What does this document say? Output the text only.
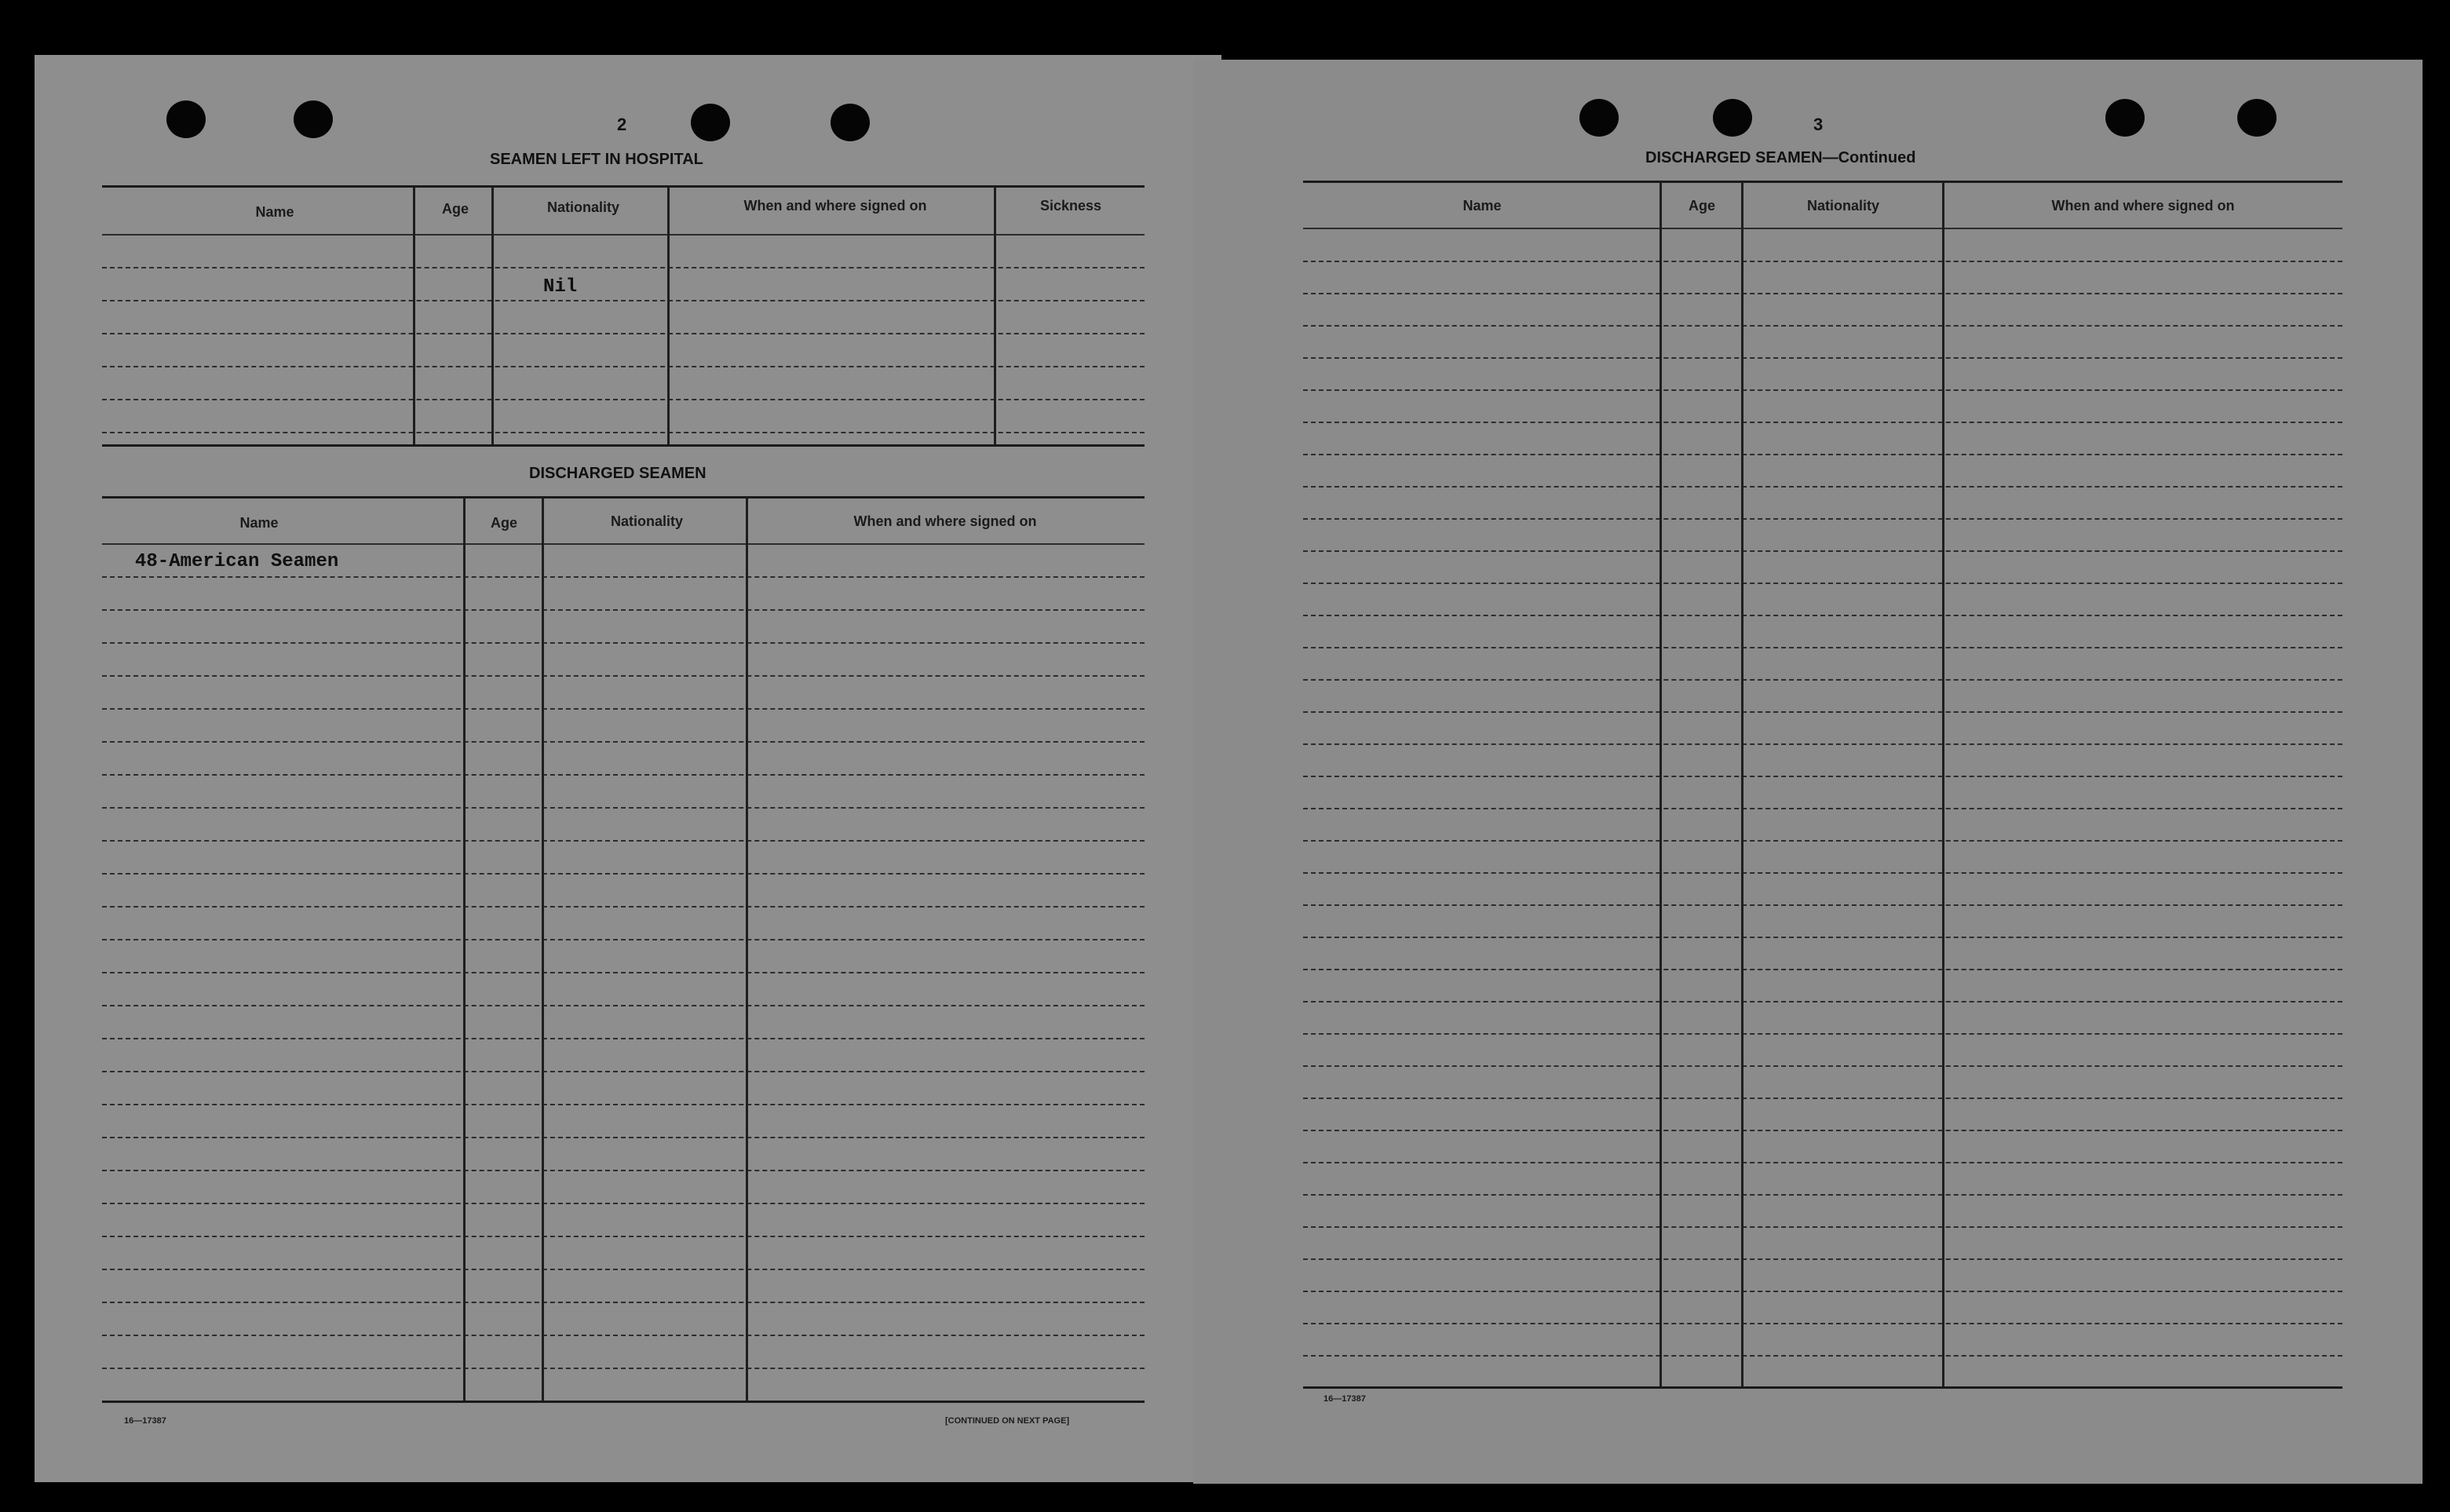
2
SEAMEN LEFT IN HOSPITAL
Name	Age	Nationality	When and where signed on	Sickness
Nil
DISCHARGED SEAMEN
Name	Age	Nationality	When and where signed on
48-American Seamen
16—17387	[CONTINUED ON NEXT PAGE]
3
DISCHARGED SEAMEN—Continued
Name	Age	Nationality	When and where signed on
16—17387
